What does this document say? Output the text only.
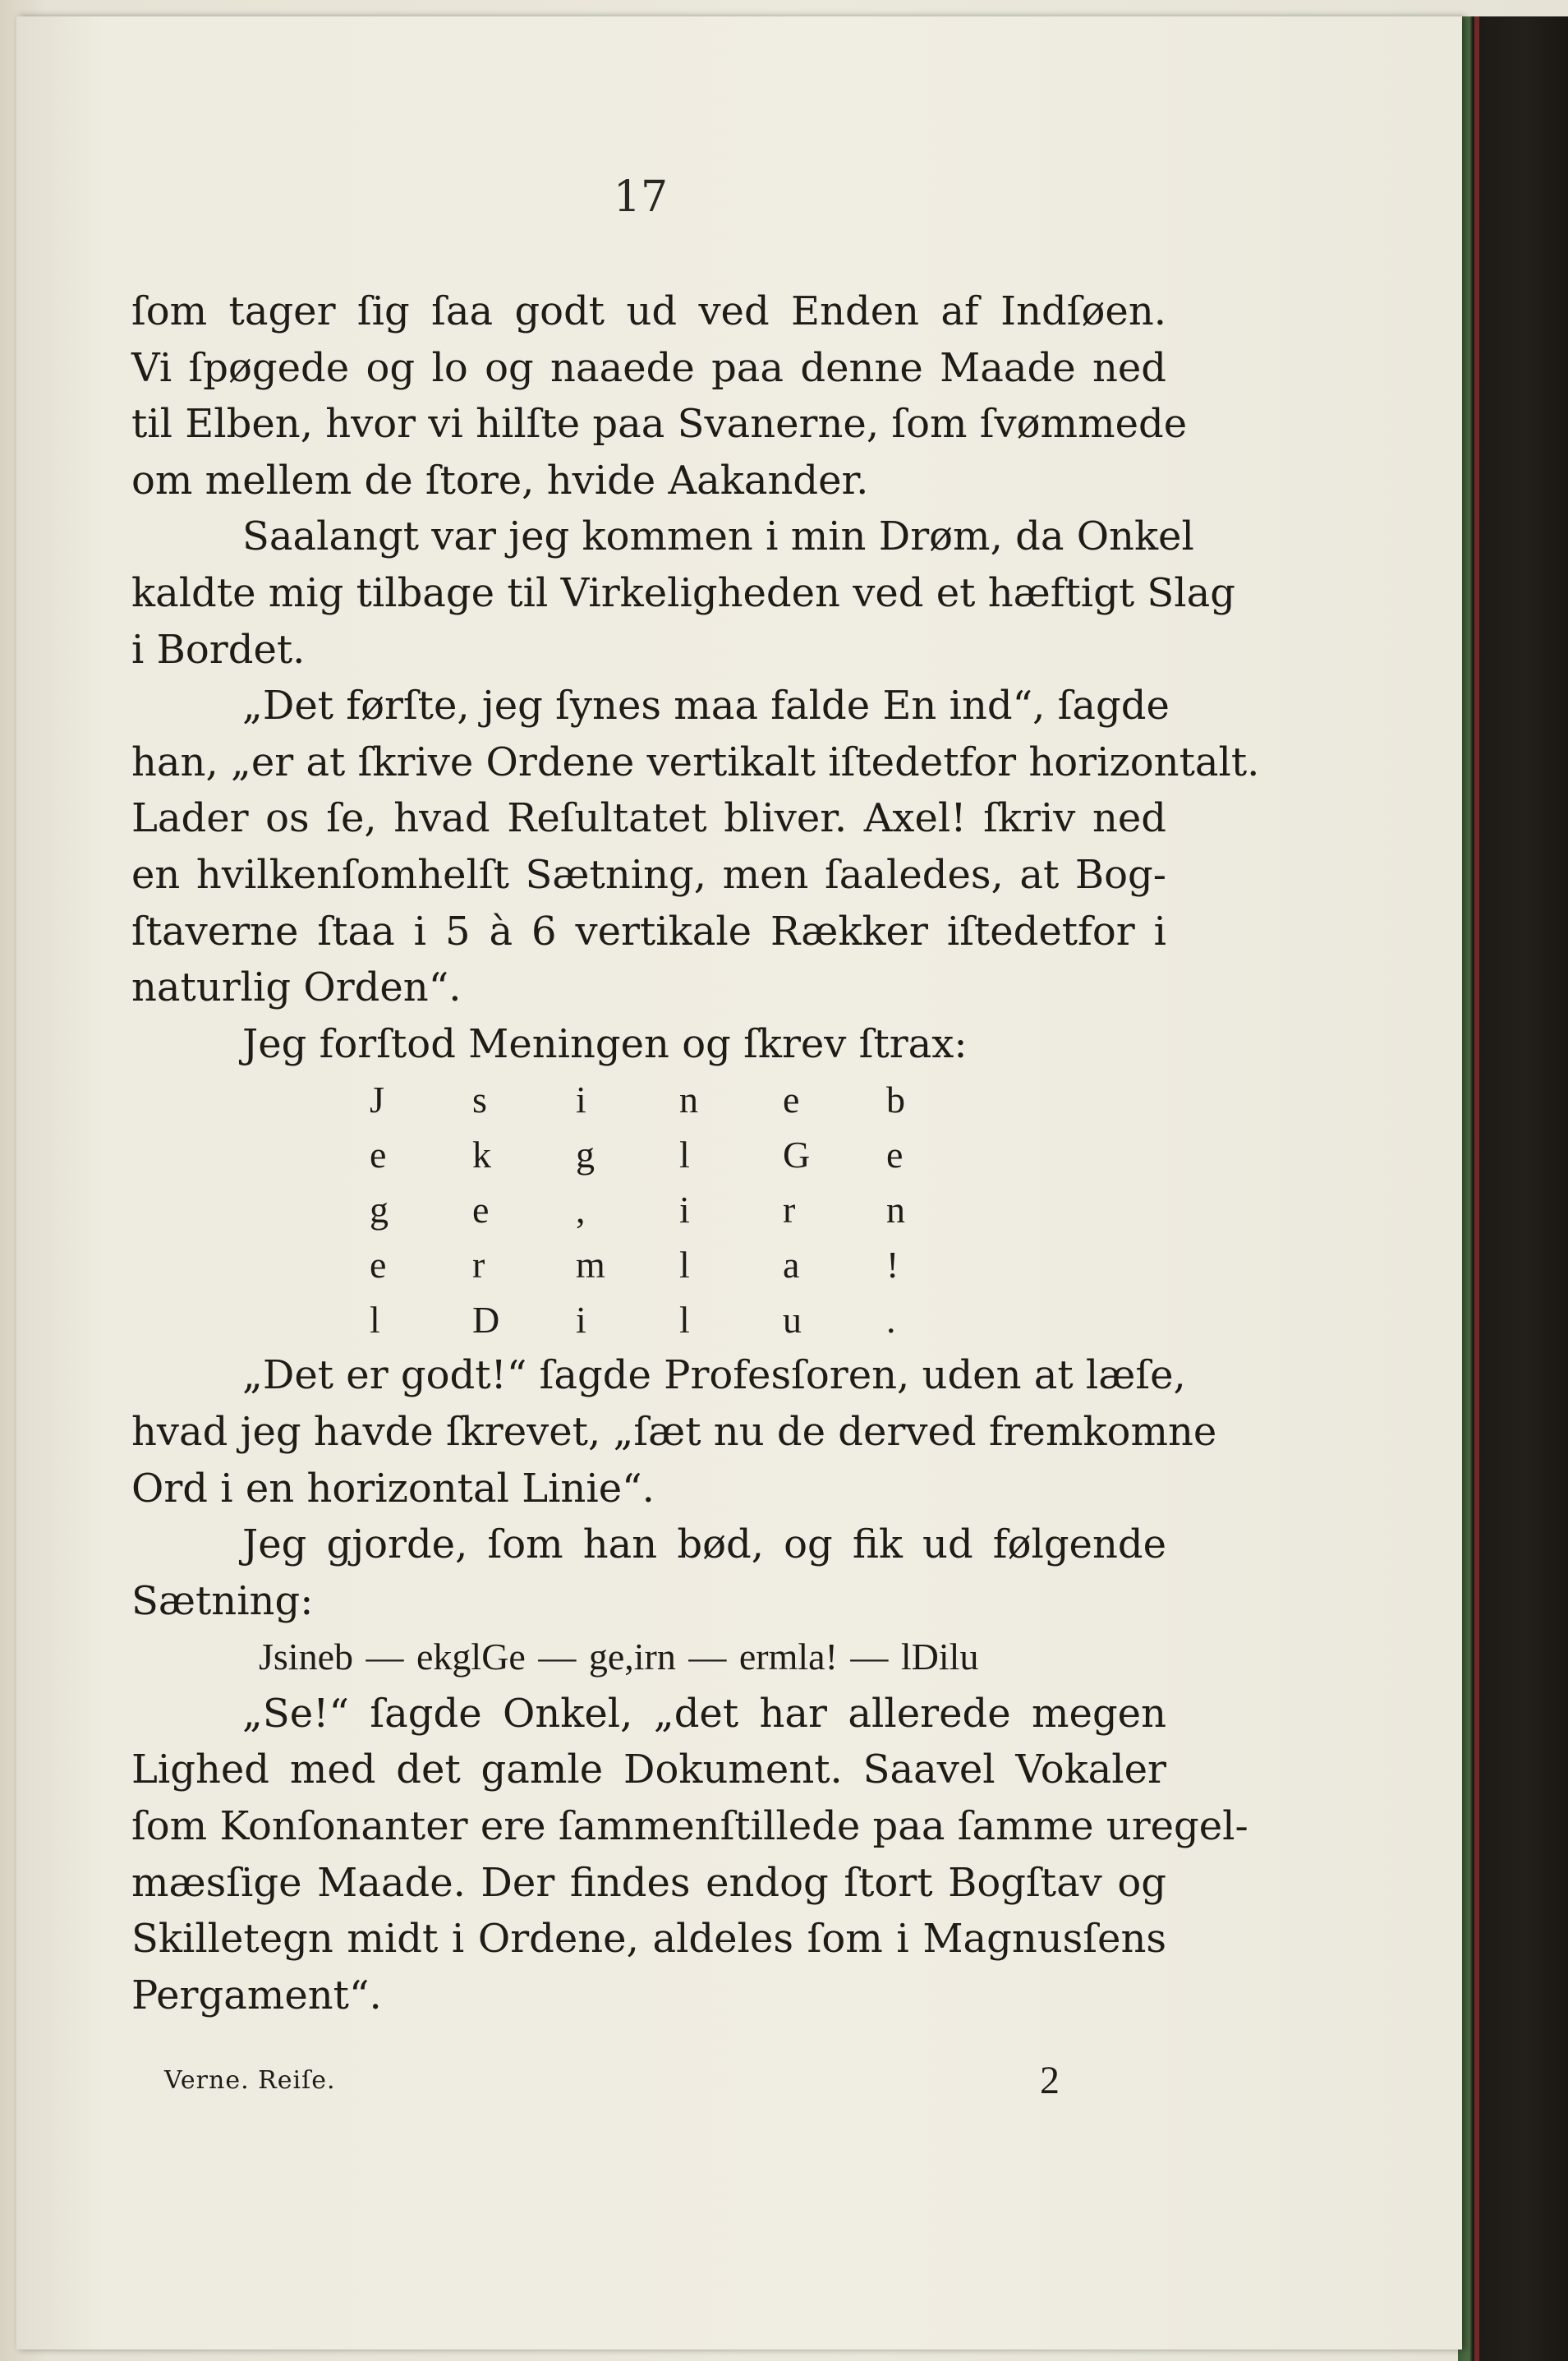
17
ſom tager ſig ſaa godt ud ved Enden af Indſøen.
Vi ſpøgede og lo og naaede paa denne Maade ned
til Elben, hvor vi hilſte paa Svanerne, ſom ſvømmede
om mellem de ſtore, hvide Aakander.
Saalangt var jeg kommen i min Drøm, da Onkel
kaldte mig tilbage til Virkeligheden ved et hæftigt Slag
i Bordet.
„Det førſte, jeg ſynes maa falde En ind“, ſagde
han, „er at ſkrive Ordene vertikalt iſtedetfor horizontalt.
Lader os ſe, hvad Reſultatet bliver. Axel! ſkriv ned
en hvilkenſomhelſt Sætning, men ſaaledes, at Bog-
ſtaverne ſtaa i 5 à 6 vertikale Rækker iſtedetfor i
naturlig Orden“.
Jeg forſtod Meningen og ſkrev ſtrax:
J	s	i	n	e	b
e	k	g	l	G	e
g	e	,	i	r	n
e	r	m	l	a	!
l	D	i	l	u	.
„Det er godt!“ ſagde Profesſoren, uden at læſe,
hvad jeg havde ſkrevet, „ſæt nu de derved fremkomne
Ord i en horizontal Linie“.
Jeg gjorde, ſom han bød, og fik ud følgende
Sætning:
Jsineb — ekglGe — ge,irn — ermla! — lDilu
„Se!“ ſagde Onkel, „det har allerede megen
Lighed med det gamle Dokument. Saavel Vokaler
ſom Konſonanter ere ſammenſtillede paa ſamme uregel-
mæsſige Maade. Der findes endog ſtort Bogſtav og
Skilletegn midt i Ordene, aldeles ſom i Magnusſens
Pergament“.
Verne. Reiſe.	2
